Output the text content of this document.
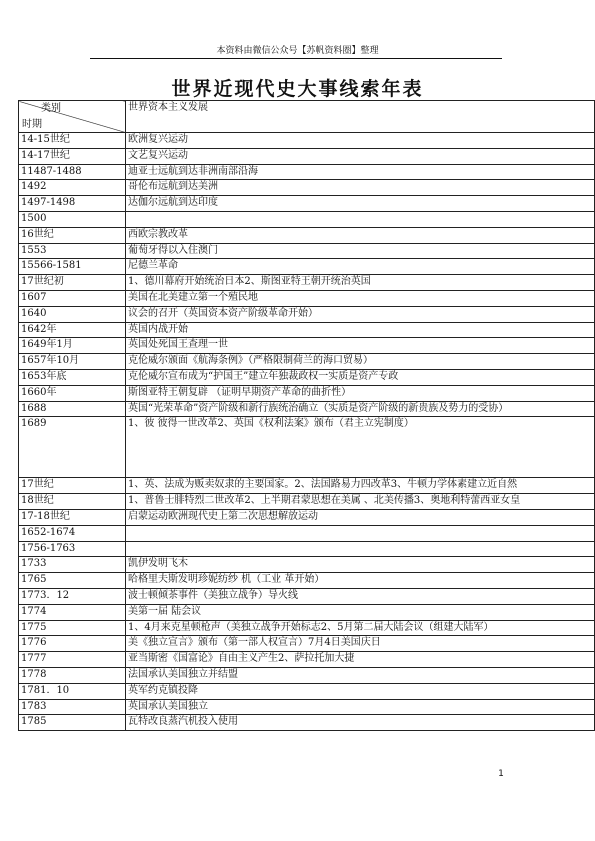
本资料由微信公众号【苏帆资料圈】整理
世界近现代史大事线索年表
类别
时期	世界资本主义发展
14-15世纪	欧洲复兴运动
14-17世纪	文艺复兴运动
11487-1488	迪亚士远航到达非洲南部沿海
1492	哥伦布远航到达美洲
1497-1498	达伽尔远航到达印度
1500	
16世纪	西欧宗教改革
1553	葡萄牙得以入住澳门
15566-1581	尼德兰革命
17世纪初	1、德川幕府开始统治日本2、斯图亚特王朝开统治英国
1607	美国在北美建立第一个殖民地
1640	议会的召开（英国资本资产阶级革命开始）
1642年	英国内战开始
1649年1月	英国处死国王查理一世
1657年10月	克伦威尔颁面《航海条例》（严格限制荷兰的海口贸易）
1653年底	克伦威尔宣布成为“护国王”建立年独裁政权一实质是资产专政
1660年	斯图亚特王朝复辟 （证明早期资产革命的曲折性）
1688	英国“光荣革命”资产阶级和新行族统治确立（实质是资产阶级的新贵族及势力的受协）
1689	1、彼 彼得一世改革2、英国《权利法案》颁布（君主立宪制度）
17世纪	1、英、法成为贩卖奴隶的主要国家。2、法国路易力四改革3、牛顿力学体素建立近自然
18世纪	1、普鲁士腓特烈二世改革2、上半期君蒙思想在美属 、北美传播3、奥地利特蕾西亚女皇
17-18世纪	启蒙运动欧洲现代史上第二次思想解放运动
1652-1674	
1756-1763	
1733	凯伊发明飞木
1765	哈格里夫斯发明珍妮纺纱 机（工业 革开始）
1773．12	波士顿倾茶事件（美独立战争）导火线
1774	美第一届 陆会议
1775	1、4月来克星顿枪声（美独立战争开始标志2、5月第二届大陆会议（组建大陆军）
1776	美《独立宣言》颁布（第一部人权宣言）7月4日美国庆日
1777	亚当斯密《国富论》自由主义产生2、萨拉托加大捷
1778	法国承认美国独立并结盟
1781．10	英军约克镇投降
1783	英国承认美国独立
1785	瓦特改良蒸汽机投入使用
1
